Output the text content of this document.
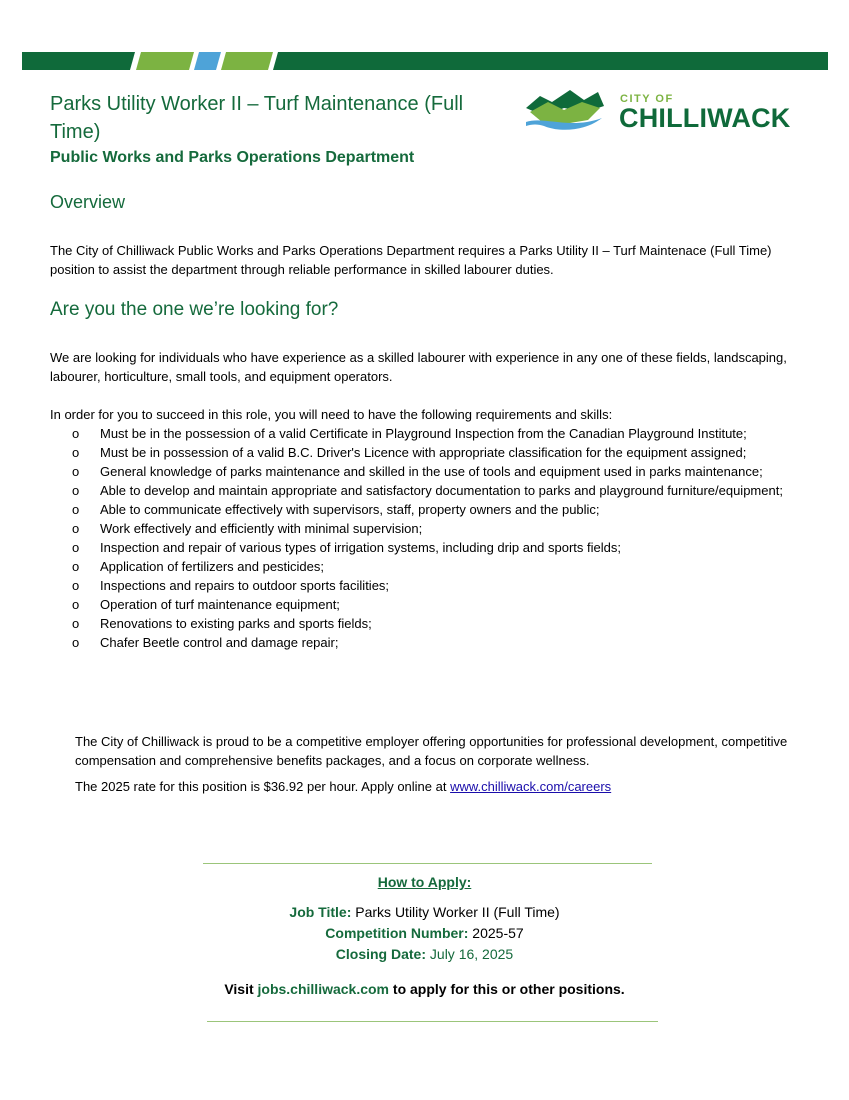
Parks Utility Worker II – Turf Maintenance (Full Time)
Public Works and Parks Operations Department
CITY OF
CHILLIWACK
Overview

The City of Chilliwack Public Works and Parks Operations Department requires a Parks Utility II – Turf Maintenace (Full Time) position to assist the department through reliable performance in skilled labourer duties.

Are you the one we’re looking for?

We are looking for individuals who have experience as a skilled labourer with experience in any one of these fields, landscaping, labourer, horticulture, small tools, and equipment operators.

In order for you to succeed in this role, you will need to have the following requirements and skills:

o Must be in the possession of a valid Certificate in Playground Inspection from the Canadian Playground Institute;
o Must be in possession of a valid B.C. Driver's Licence with appropriate classification for the equipment assigned;
o General knowledge of parks maintenance and skilled in the use of tools and equipment used in parks maintenance;
o Able to develop and maintain appropriate and satisfactory documentation to parks and playground furniture/equipment;
o Able to communicate effectively with supervisors, staff, property owners and the public;
o Work effectively and efficiently with minimal supervision;
o Inspection and repair of various types of irrigation systems, including drip and sports fields;
o Application of fertilizers and pesticides;
o Inspections and repairs to outdoor sports facilities;
o Operation of turf maintenance equipment;
o Renovations to existing parks and sports fields;
o Chafer Beetle control and damage repair;

The City of Chilliwack is proud to be a competitive employer offering opportunities for professional development, competitive compensation and comprehensive benefits packages, and a focus on corporate wellness.

The 2025 rate for this position is $36.92 per hour. Apply online at www.chilliwack.com/careers

How to Apply:
Job Title: Parks Utility Worker II (Full Time)
Competition Number: 2025-57
Closing Date: July 16, 2025
Visit jobs.chilliwack.com to apply for this or other positions.
